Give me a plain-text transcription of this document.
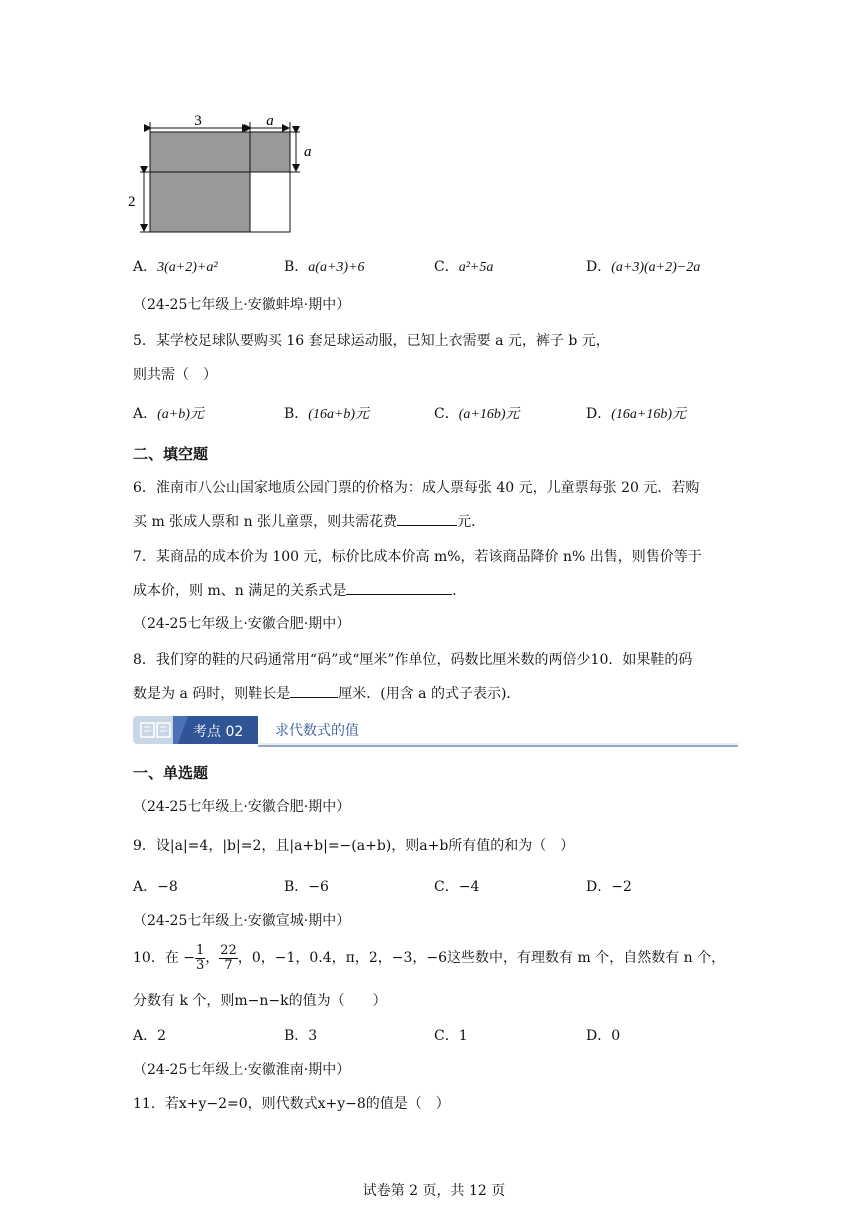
3	a
a
2
A．3(a+2)+a²	B．a(a+3)+6	C．a²+5a	D．(a+3)(a+2)−2a
（24-25七年级上·安徽蚌埠·期中）
5．某学校足球队要购买 16 套足球运动服，已知上衣需要 a 元，裤子 b 元，
则共需（　）
A．(a+b)元	B．(16a+b)元	C．(a+16b)元	D．(16a+16b)元
二、填空题
6．淮南市八公山国家地质公园门票的价格为：成人票每张 40 元，儿童票每张 20 元．若购
买 m 张成人票和 n 张儿童票，则共需花费	元．
7．某商品的成本价为 100 元，标价比成本价高 m%，若该商品降价 n% 出售，则售价等于
成本价，则 m、n 满足的关系式是	．
（24-25七年级上·安徽合肥·期中）
8．我们穿的鞋的尺码通常用“码”或“厘米”作单位，码数比厘米数的两倍少10．如果鞋的码
数是为 a 码时，则鞋长是	厘米．(用含 a 的式子表示)．
考点 02 求代数式的值
一、单选题
（24-25七年级上·安徽合肥·期中）
9．设|a|=4，|b|=2，且|a+b|=−(a+b)，则a+b所有值的和为（　）
A．−8	B．−6	C．−4	D．−2
（24-25七年级上·安徽宣城·期中）
10．在 − $\frac{1}{3}$ ， $\frac{22}{7}$ ，0，−1，0.4，π，2，−3，−6这些数中，有理数有 m 个，自然数有 n 个，
分数有 k 个，则m−n−k的值为（　　）
A．2	B．3	C．1	D．0
（24-25七年级上·安徽淮南·期中）
11．若x+y−2=0，则代数式x+y−8的值是（　）
试卷第 2 页，共 12 页
